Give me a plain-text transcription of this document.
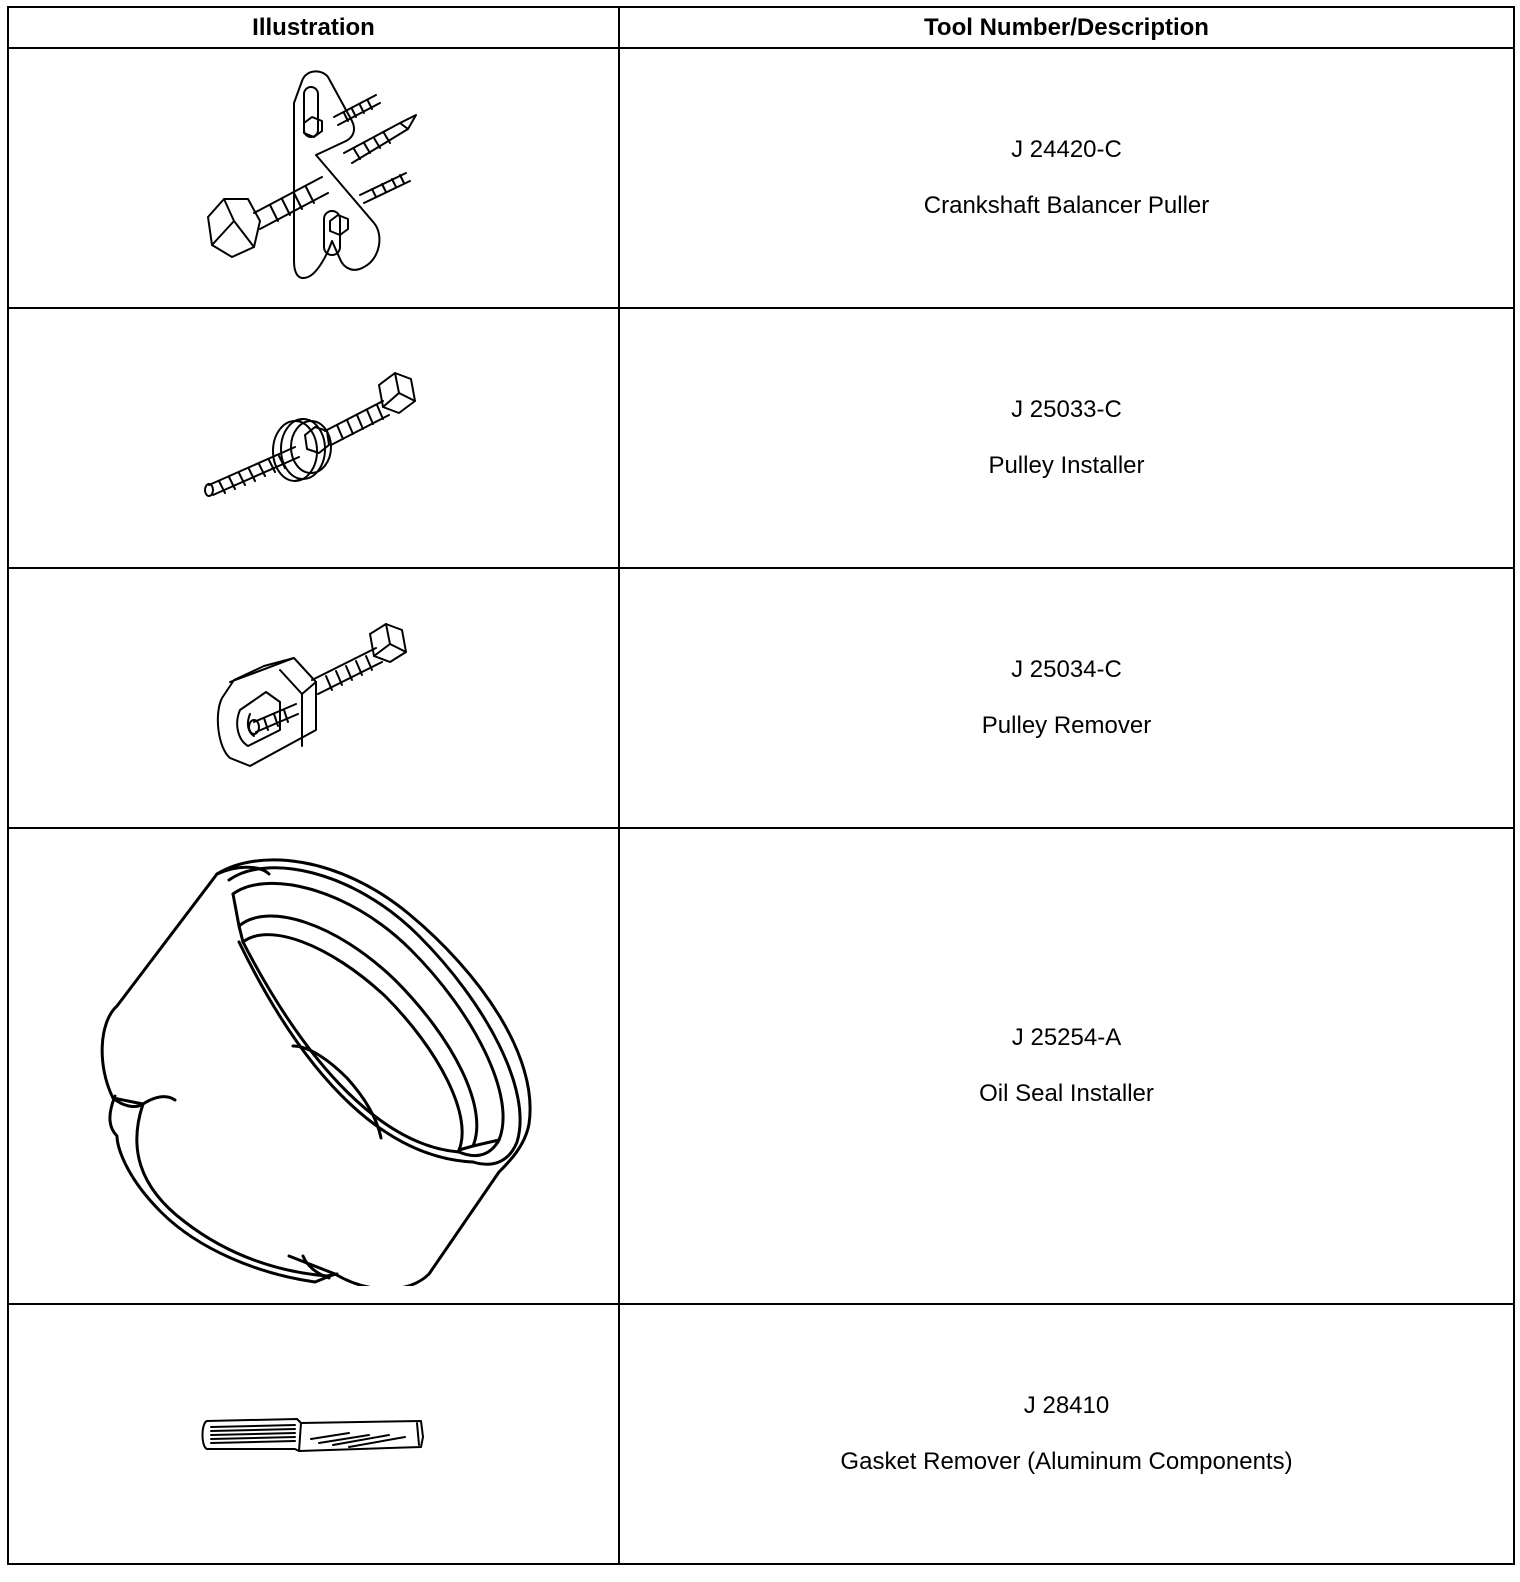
Illustration	Tool Number/Description

J 24420-C
Crankshaft Balancer Puller

J 25033-C
Pulley Installer

J 25034-C
Pulley Remover

J 25254-A
Oil Seal Installer

J 28410
Gasket Remover (Aluminum Components)
